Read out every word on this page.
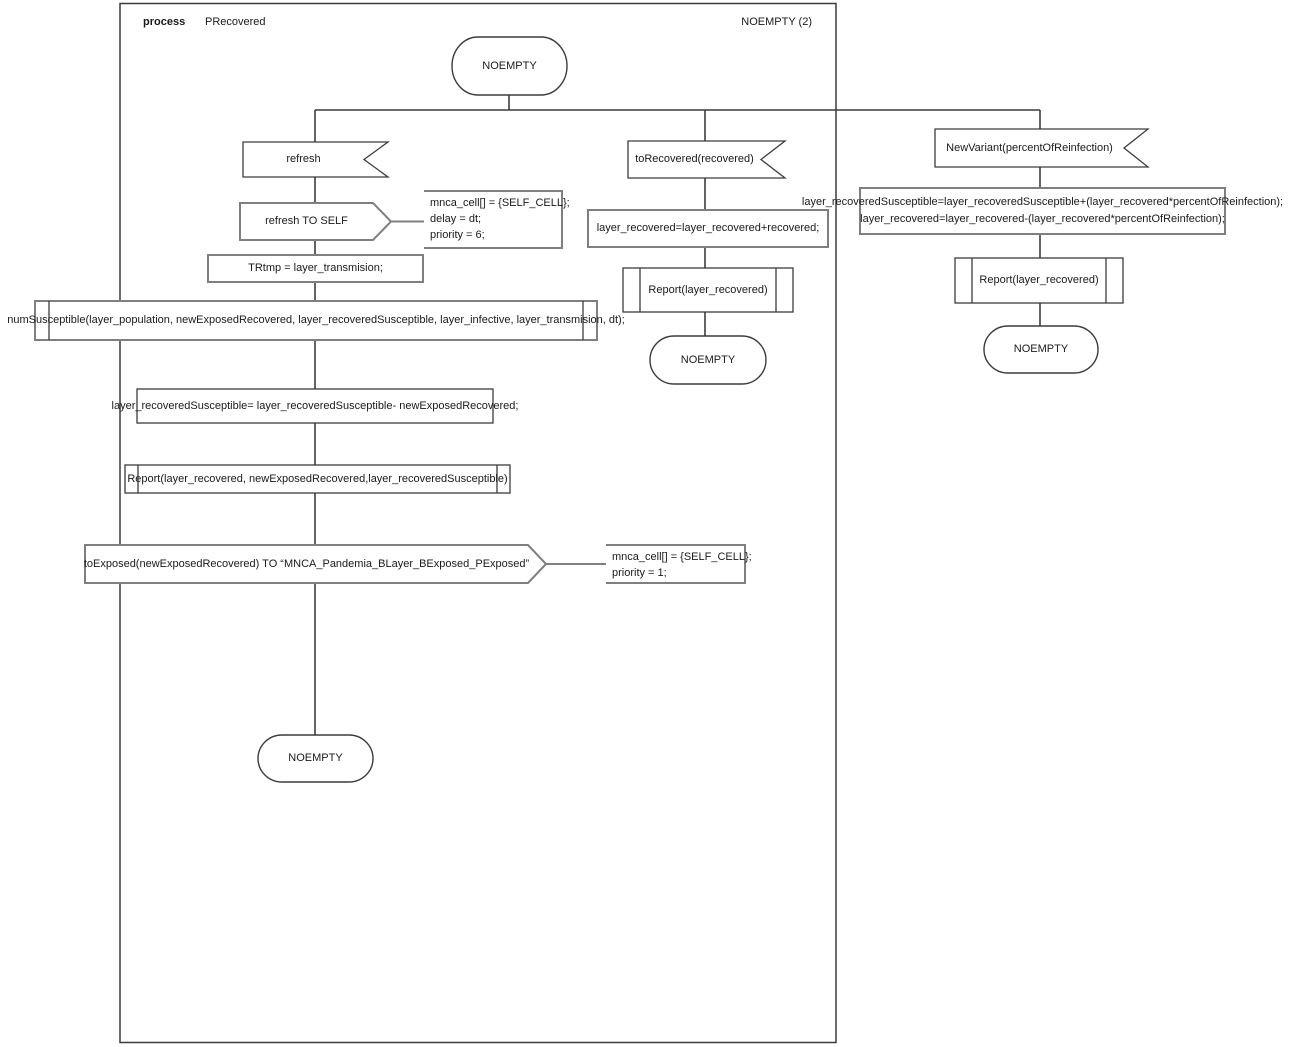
process PRecovered	NOEMPTY (2)
NOEMPTY
refresh
refresh TO SELF
mnca_cell[] = {SELF_CELL};
delay = dt;
priority = 6;
TRtmp = layer_transmision;
numSusceptible(layer_population, newExposedRecovered, layer_recoveredSusceptible, layer_infective, layer_transmision, dt);
layer_recoveredSusceptible= layer_recoveredSusceptible- newExposedRecovered;
Report(layer_recovered, newExposedRecovered,layer_recoveredSusceptible)
toExposed(newExposedRecovered) TO “MNCA_Pandemia_BLayer_BExposed_PExposed”
mnca_cell[] = {SELF_CELL};
priority = 1;
NOEMPTY
toRecovered(recovered)
layer_recovered=layer_recovered+recovered;
Report(layer_recovered)
NOEMPTY
NewVariant(percentOfReinfection)
layer_recoveredSusceptible=layer_recoveredSusceptible+(layer_recovered*percentOfReinfection);
layer_recovered=layer_recovered-(layer_recovered*percentOfReinfection);
Report(layer_recovered)
NOEMPTY
